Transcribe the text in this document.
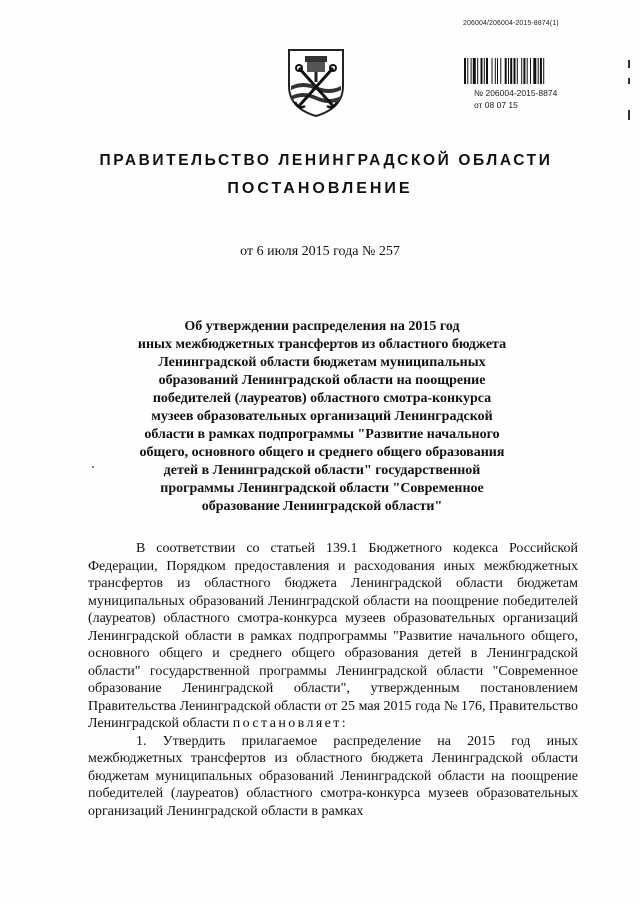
206004/206004-2015-8874(1)
№ 206004-2015-8874
от 08 07 15
ПРАВИТЕЛЬСТВО ЛЕНИНГРАДСКОЙ ОБЛАСТИ
ПОСТАНОВЛЕНИЕ
от 6 июля 2015 года № 257
Об утверждении распределения на 2015 год
иных межбюджетных трансфертов из областного бюджета
Ленинградской области бюджетам муниципальных
образований Ленинградской области на поощрение
победителей (лауреатов) областного смотра-конкурса
музеев образовательных организаций Ленинградской
области в рамках подпрограммы "Развитие начального
общего, основного общего и среднего общего образования
детей в Ленинградской области" государственной
программы Ленинградской области "Современное
образование Ленинградской области"

В соответствии со статьей 139.1 Бюджетного кодекса Российской Федерации, Порядком предоставления и расходования иных межбюджетных трансфертов из областного бюджета Ленинградской области бюджетам муниципальных образований Ленинградской области на поощрение победителей (лауреатов) областного смотра-конкурса музеев образовательных организаций Ленинградской области в рамках подпрограммы "Развитие начального общего, основного общего и среднего общего образования детей в Ленинградской области" государственной программы Ленинградской области "Современное образование Ленинградской области", утвержденным постановлением Правительства Ленинградской области от 25 мая 2015 года № 176, Правительство Ленинградской области постановляет:

1. Утвердить прилагаемое распределение на 2015 год иных межбюджетных трансфертов из областного бюджета Ленинградской области бюджетам муниципальных образований Ленинградской области на поощрение победителей (лауреатов) областного смотра-конкурса музеев образовательных организаций Ленинградской области в рамках
